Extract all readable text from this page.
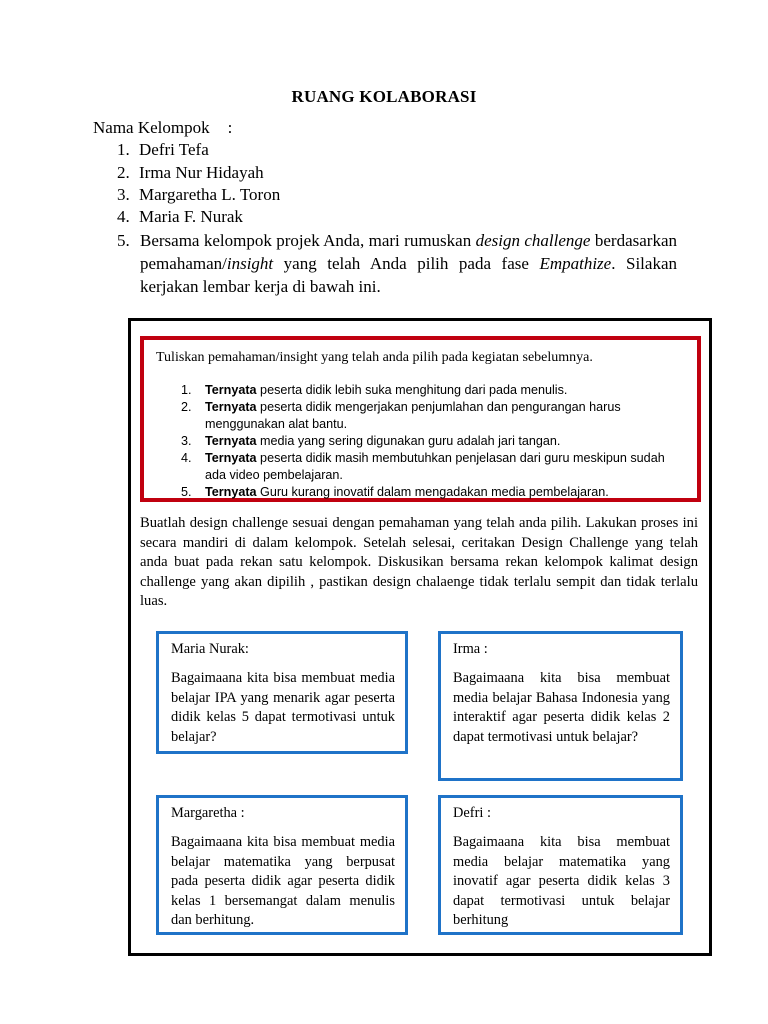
RUANG KOLABORASI
Nama Kelompok :
1. Defri Tefa
2. Irma Nur Hidayah
3. Margaretha L. Toron
4. Maria F. Nurak
5. Bersama kelompok projek Anda, mari rumuskan design challenge berdasarkan pemahaman/insight yang telah Anda pilih pada fase Empathize. Silakan kerjakan lembar kerja di bawah ini.
Tuliskan pemahaman/insight yang telah anda pilih pada kegiatan sebelumnya.
1. Ternyata peserta didik lebih suka menghitung dari pada menulis.
2. Ternyata peserta didik mengerjakan penjumlahan dan pengurangan harus menggunakan alat bantu.
3. Ternyata media yang sering digunakan guru adalah jari tangan.
4. Ternyata peserta didik masih membutuhkan penjelasan dari guru meskipun sudah ada video pembelajaran.
5. Ternyata Guru kurang inovatif dalam mengadakan media pembelajaran.
Buatlah design challenge sesuai dengan pemahaman yang telah anda pilih. Lakukan proses ini secara mandiri di dalam kelompok. Setelah selesai, ceritakan Design Challenge yang telah anda buat pada rekan satu kelompok. Diskusikan bersama rekan kelompok kalimat design challenge yang akan dipilih , pastikan design chalaenge tidak terlalu sempit dan tidak terlalu luas.
Maria Nurak:
Bagaimaana kita bisa membuat media belajar IPA yang menarik agar peserta didik kelas 5 dapat termotivasi untuk belajar?
Irma :
Bagaimaana kita bisa membuat media belajar Bahasa Indonesia yang interaktif agar peserta didik kelas 2 dapat termotivasi untuk belajar?
Margaretha :
Bagaimaana kita bisa membuat media belajar matematika yang berpusat pada peserta didik agar peserta didik kelas 1 bersemangat dalam menulis dan berhitung.
Defri :
Bagaimaana kita bisa membuat media belajar matematika yang inovatif agar peserta didik kelas 3 dapat termotivasi untuk belajar berhitung
